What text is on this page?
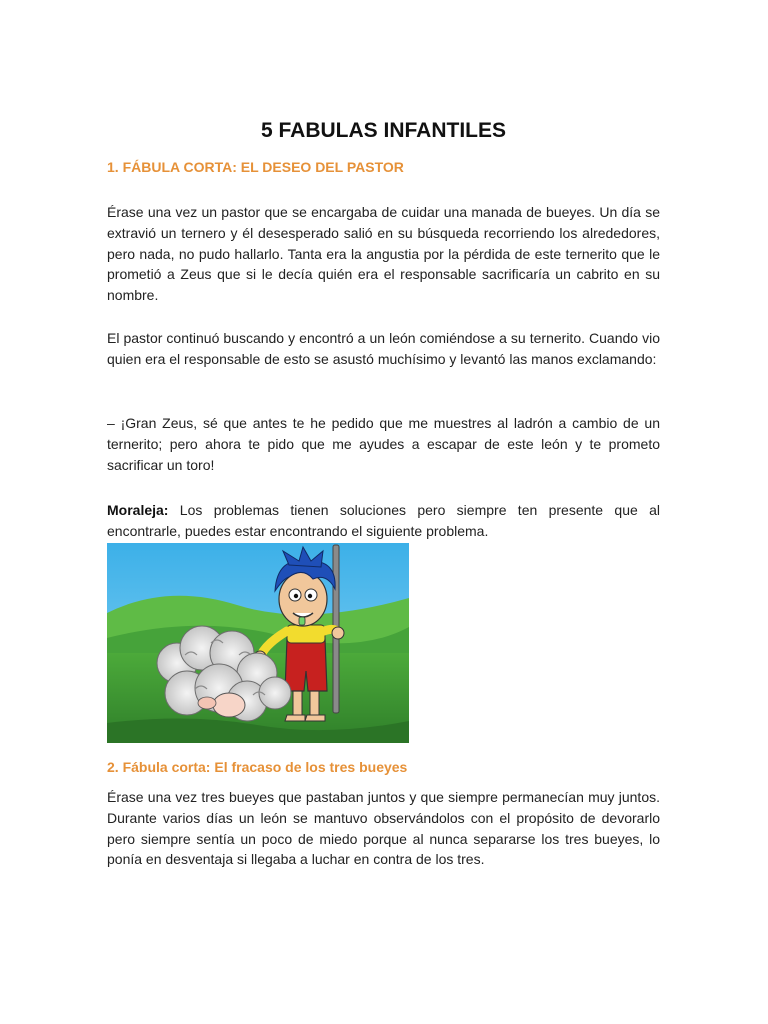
5 FABULAS INFANTILES
1. FÁBULA CORTA: EL DESEO DEL PASTOR

Érase una vez un pastor que se encargaba de cuidar una manada de bueyes. Un día se extravió un ternero y él desesperado salió en su búsqueda recorriendo los alrededores, pero nada, no pudo hallarlo. Tanta era la angustia por la pérdida de este ternerito que le prometió a Zeus que si le decía quién era el responsable sacrificaría un cabrito en su nombre.

El pastor continuó buscando y encontró a un león comiéndose a su ternerito. Cuando vio quien era el responsable de esto se asustó muchísimo y levantó las manos exclamando:

– ¡Gran Zeus, sé que antes te he pedido que me muestres al ladrón a cambio de un ternerito; pero ahora te pido que me ayudes a escapar de este león y te prometo sacrificar un toro!

Moraleja: Los problemas tienen soluciones pero siempre ten presente que al encontrarle, puedes estar encontrando el siguiente problema.

2. Fábula corta: El fracaso de los tres bueyes

Érase una vez tres bueyes que pastaban juntos y que siempre permanecían muy juntos. Durante varios días un león se mantuvo observándolos con el propósito de devorarlo pero siempre sentía un poco de miedo porque al nunca separarse los tres bueyes, lo ponía en desventaja si llegaba a luchar en contra de los tres.
